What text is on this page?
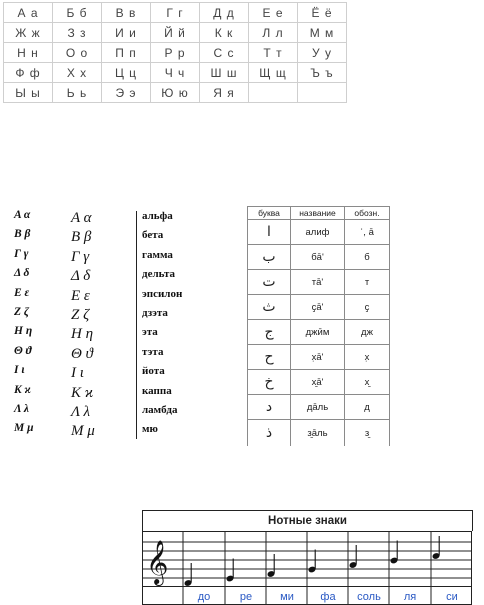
А а	Б б	В в	Г г	Д д	Е е	Ё ё
Ж ж	З з	И и	Й й	К к	Л л	М м
Н н	О о	П п	Р р	С с	Т т	У у
Ф ф	Х х	Ц ц	Ч ч	Ш ш	Щ щ	Ъ ъ
Ы ы	Ь ь	Э э	Ю ю	Я я		
Α α	Α α	альфа
Β β	Β β	бета
Γ γ	Γ γ	гамма
Δ δ	Δ δ	дельта
Ε ε	Ε ε	эпсилон
Ζ ζ	Ζ ζ	дзэта
Η η	Η η	эта
Θ ϑ	Θ ϑ	тэта
Ι ι	Ι ι	йота
Κ ϰ	Κ ϰ	каппа
Λ λ	Λ λ	ламбда
Μ μ	Μ μ	мю
буква	название	обозн.
ا	алиф	ʾ, ā
ب	бā'	б
ت	тā'	т
ث	ҫā'	ҫ
ج	джӣм	дж
ح	х̣ā'	х̣
خ	х̱ā'	х̱
د	дāль	д
ذ	з̱āль	з̱
Нотные знаки
𝄞
до	ре	ми фа соль ля	си
